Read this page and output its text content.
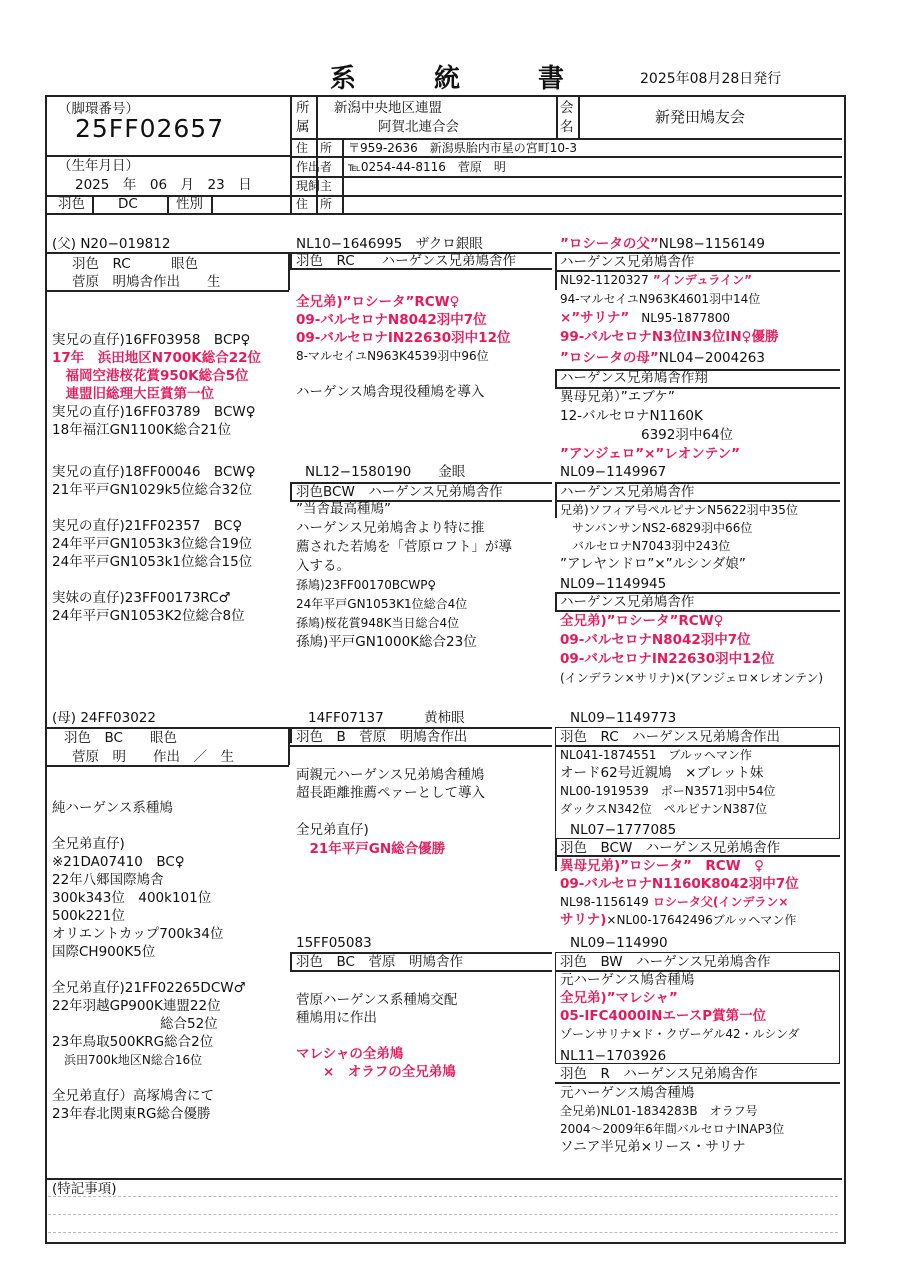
系　統　書	2025年08月28日発行
（脚環番号）
25FF02657
（生年月日）
2025　 年　 06　 月　 23　 日
羽色 DC	性別
所
属
新潟中央地区連盟
阿賀北連合会
会
名
新発田鳩友会
住　所 〒959-2636　新潟県胎内市星の宮町10-3
作出者 ℡0254-44-8116　菅原　明
現飼主
住　所
(特記事項)
(父) N20−019812
羽色　RC　　　眼色
菅原　明鳩舎作出　　生
実兄の直仔)16FF03958　BCP♀
17年　浜田地区N700K総合22位
　福岡空港桜花賞950K総合5位
　連盟旧総理大臣賞第一位
実兄の直仔)16FF03789　BCW♀
18年福江GN1100K総合21位
実兄の直仔)18FF00046　BCW♀
21年平戸GN1029k5位総合32位
実兄の直仔)21FF02357　BC♀
24年平戸GN1053k3位総合19位
24年平戸GN1053k1位総合15位
実妹の直仔)23FF00173RC♂
24年平戸GN1053K2位総合8位
NL10−1646995　ザクロ銀眼
羽色　RC　　ハーゲンス兄弟鳩舎作
全兄弟)”ロシータ”RCW♀
09-バルセロナN8042羽中7位
09-バルセロナIN22630羽中12位
8-マルセイユN963K4539羽中96位
ハーゲンス鳩舎現役種鳩を導入
NL12−1580190　　金眼
羽色BCW　ハーゲンス兄弟鳩舎作
”当舎最高種鳩”
ハーゲンス兄弟鳩舎より特に推
薦された若鳩を「菅原ロフト」が導
入する。
孫鳩)23FF00170BCWP♀
24年平戸GN1053K1位総合4位
孫鳩)桜花賞948K当日総合4位
孫鳩)平戸GN1000K総合23位
”ロシータの父”NL98−1156149
ハーゲンス兄弟鳩舎作
NL92-1120327 ”インデュライン”
94-マルセイユN963K4601羽中14位
×”サリナ”　NL95-1877800
99-バルセロナN3位IN3位IN♀優勝
”ロシータの母”NL04−2004263
ハーゲンス兄弟鳩舎作翔
異母兄弟）”エブケ”
12-バルセロナN1160K
　　　　　　6392羽中64位
”アンジェロ”×”レオンテン”
NL09−1149967
ハーゲンス兄弟鳩舎作
兄弟)ソフィア号ペルピナンN5622羽中35位
　サンバンサンNS2-6829羽中66位
　バルセロナN7043羽中243位
”アレヤンドロ”×”ルシンダ娘”
NL09−1149945
ハーゲンス兄弟鳩舎作
全兄弟)”ロシータ”RCW♀
09-バルセロナN8042羽中7位
09-バルセロナIN22630羽中12位
(インデラン×サリナ)×(アンジェロ×レオンテン)
(母) 24FF03022
羽色　BC　　眼色
菅原　明　　作出　／　生
純ハーゲンス系種鳩
全兄弟直仔)
※21DA07410　BC♀
22年八郷国際鳩舎
300k343位　400k101位
500k221位
オリエントカップ700k34位
国際CH900K5位
全兄弟直仔)21FF02265DCW♂
22年羽越GP900K連盟22位
　　　　　　　　総合52位
23年鳥取500KRG総合2位
　浜田700k地区N総合16位
全兄弟直仔）高塚鳩舎にて
23年春北関東RG総合優勝
14FF07137　　　黄柿眼
羽色　B　菅原　明鳩舎作出
両親元ハーゲンス兄弟鳩舎種鳩
超長距離推薦ペァーとして導入
全兄弟直仔)
　21年平戸GN総合優勝
15FF05083
羽色　BC　菅原　明鳩舎作
菅原ハーゲンス系種鳩交配
種鳩用に作出
マレシャの全弟鳩
　　×　オラフの全兄弟鳩
NL09−1149773
羽色　RC　ハーゲンス兄弟鳩舎作出
NL041-1874551　ブルッヘマン作
オード62号近親鳩　×ブレット妹
NL00-1919539　ポーN3571羽中54位
ダックスN342位　ペルピナンN387位
NL07−1777085
羽色　BCW　ハーゲンス兄弟鳩舎作
異母兄弟)”ロシータ”　RCW　♀
09-バルセロナN1160K8042羽中7位
NL98-1156149 ロシータ父(インデラン×
サリナ)×NL00-17642496ブルッヘマン作
NL09−114990
羽色　BW　ハーゲンス兄弟鳩舎作
元ハーゲンス鳩舎種鳩
全兄弟)”マレシャ”
05-IFC4000INエースP賞第一位
ゾーンサリナ×ド・クヴーゲル42・ルシンダ
NL11−1703926
羽色　R　ハーゲンス兄弟鳩舎作
元ハーゲンス鳩舎種鳩
全兄弟)NL01-1834283B　オラフ号
2004〜2009年6年間バルセロナINAP3位
ソニア半兄弟×リース・サリナ
